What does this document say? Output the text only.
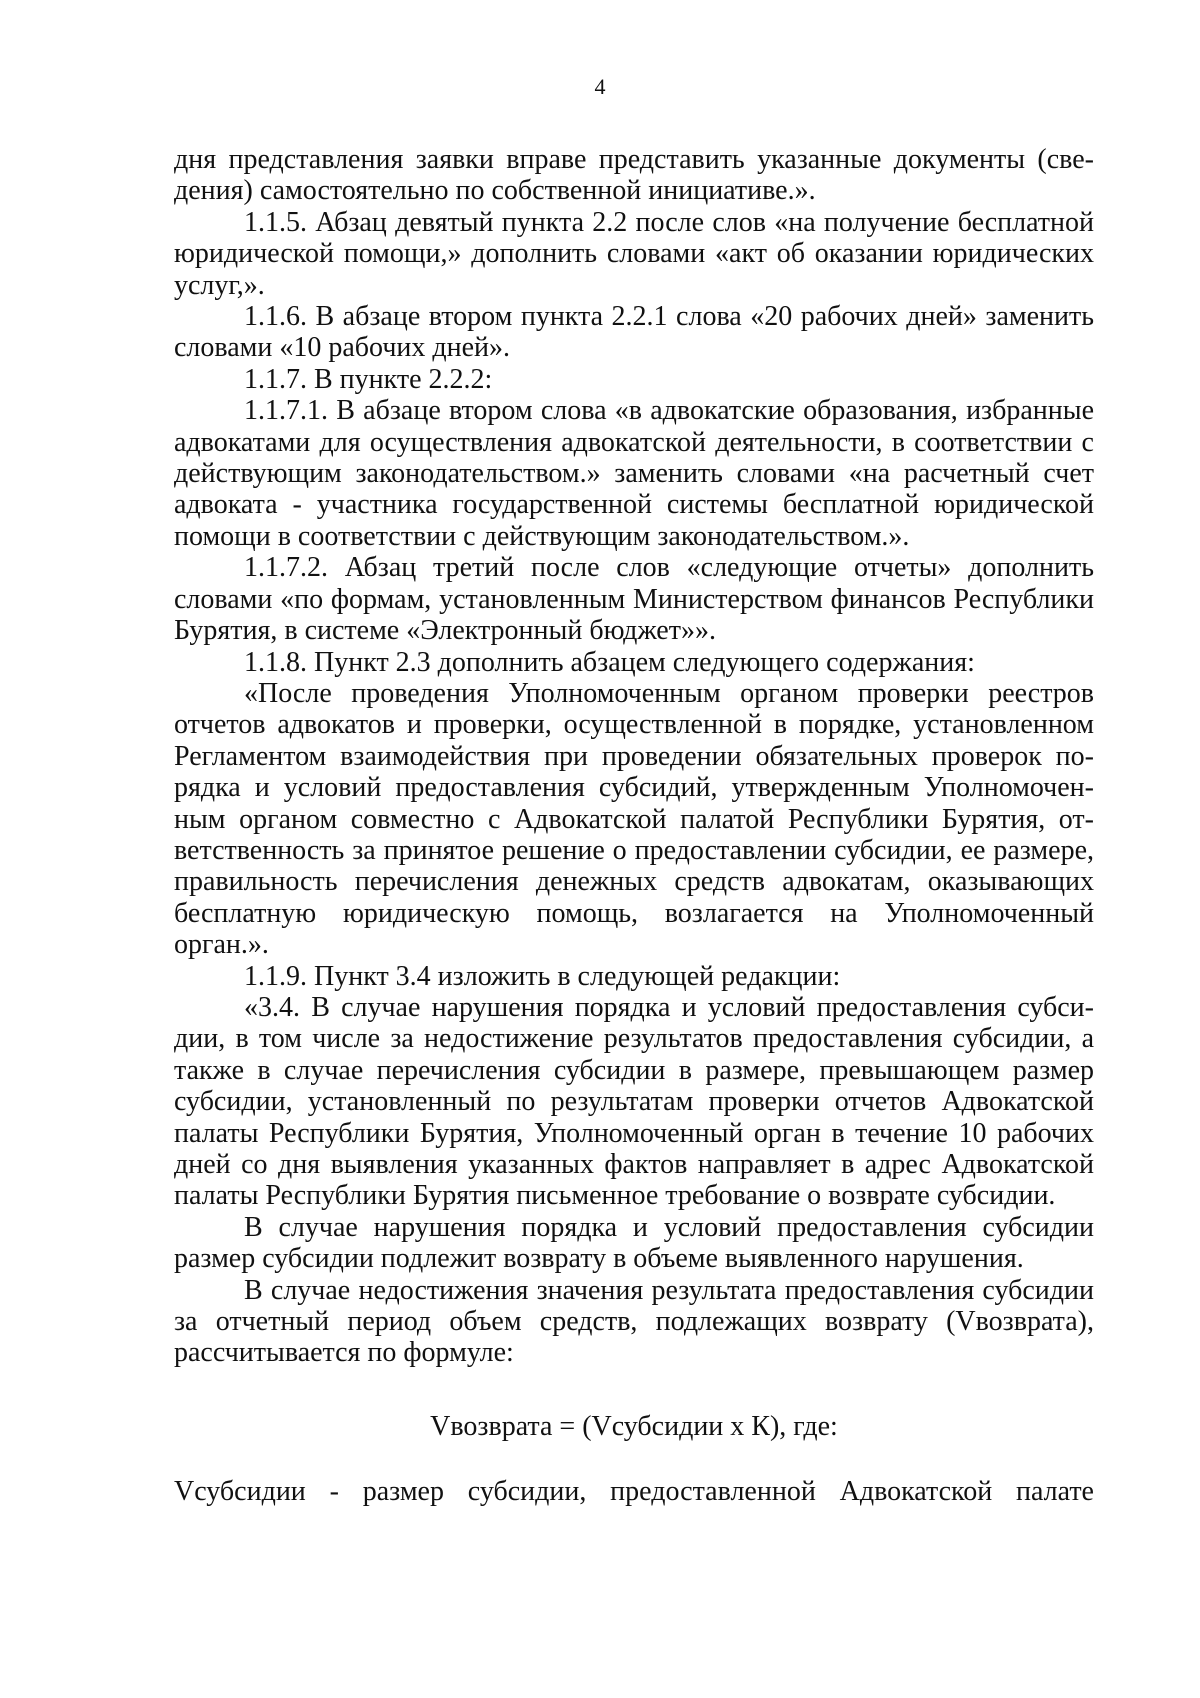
4

дня представления заявки вправе представить указанные документы (сведения) самостоятельно по собственной инициативе.».

1.1.5. Абзац девятый пункта 2.2 после слов «на получение бесплатной юридической помощи,» дополнить словами «акт об оказании юридических услуг,».

1.1.6. В абзаце втором пункта 2.2.1 слова «20 рабочих дней» заменить словами «10 рабочих дней».

1.1.7. В пункте 2.2.2:

1.1.7.1. В абзаце втором слова «в адвокатские образования, избранные адвокатами для осуществления адвокатской деятельности, в соответствии с действующим законодательством.» заменить словами «на расчетный счет адвоката - участника государственной системы бесплатной юридической помощи в соответствии с действующим законодательством.».

1.1.7.2. Абзац третий после слов «следующие отчеты» дополнить словами «по формам, установленным Министерством финансов Республики Бурятия, в системе «Электронный бюджет»».

1.1.8. Пункт 2.3 дополнить абзацем следующего содержания:

«После проведения Уполномоченным органом проверки реестров отчетов адвокатов и проверки, осуществленной в порядке, установленном Регламентом взаимодействия при проведении обязательных проверок порядка и условий предоставления субсидий, утвержденным Уполномоченным органом совместно с Адвокатской палатой Республики Бурятия, ответственность за принятое решение о предоставлении субсидии, ее размере, правильность перечисления денежных средств адвокатам, оказывающих бесплатную юридическую помощь, возлагается на Уполномоченный орган.».

1.1.9. Пункт 3.4 изложить в следующей редакции:

«3.4. В случае нарушения порядка и условий предоставления субсидии, в том числе за недостижение результатов предоставления субсидии, а также в случае перечисления субсидии в размере, превышающем размер субсидии, установленный по результатам проверки отчетов Адвокатской палаты Республики Бурятия, Уполномоченный орган в течение 10 рабочих дней со дня выявления указанных фактов направляет в адрес Адвокатской палаты Республики Бурятия письменное требование о возврате субсидии.

В случае нарушения порядка и условий предоставления субсидии размер субсидии подлежит возврату в объеме выявленного нарушения.

В случае недостижения значения результата предоставления субсидии за отчетный период объем средств, подлежащих возврату (Vвозврата), рассчитывается по формуле:

Vвозврата = (Vсубсидии х К), где:

Vсубсидии - размер субсидии, предоставленной Адвокатской палате
